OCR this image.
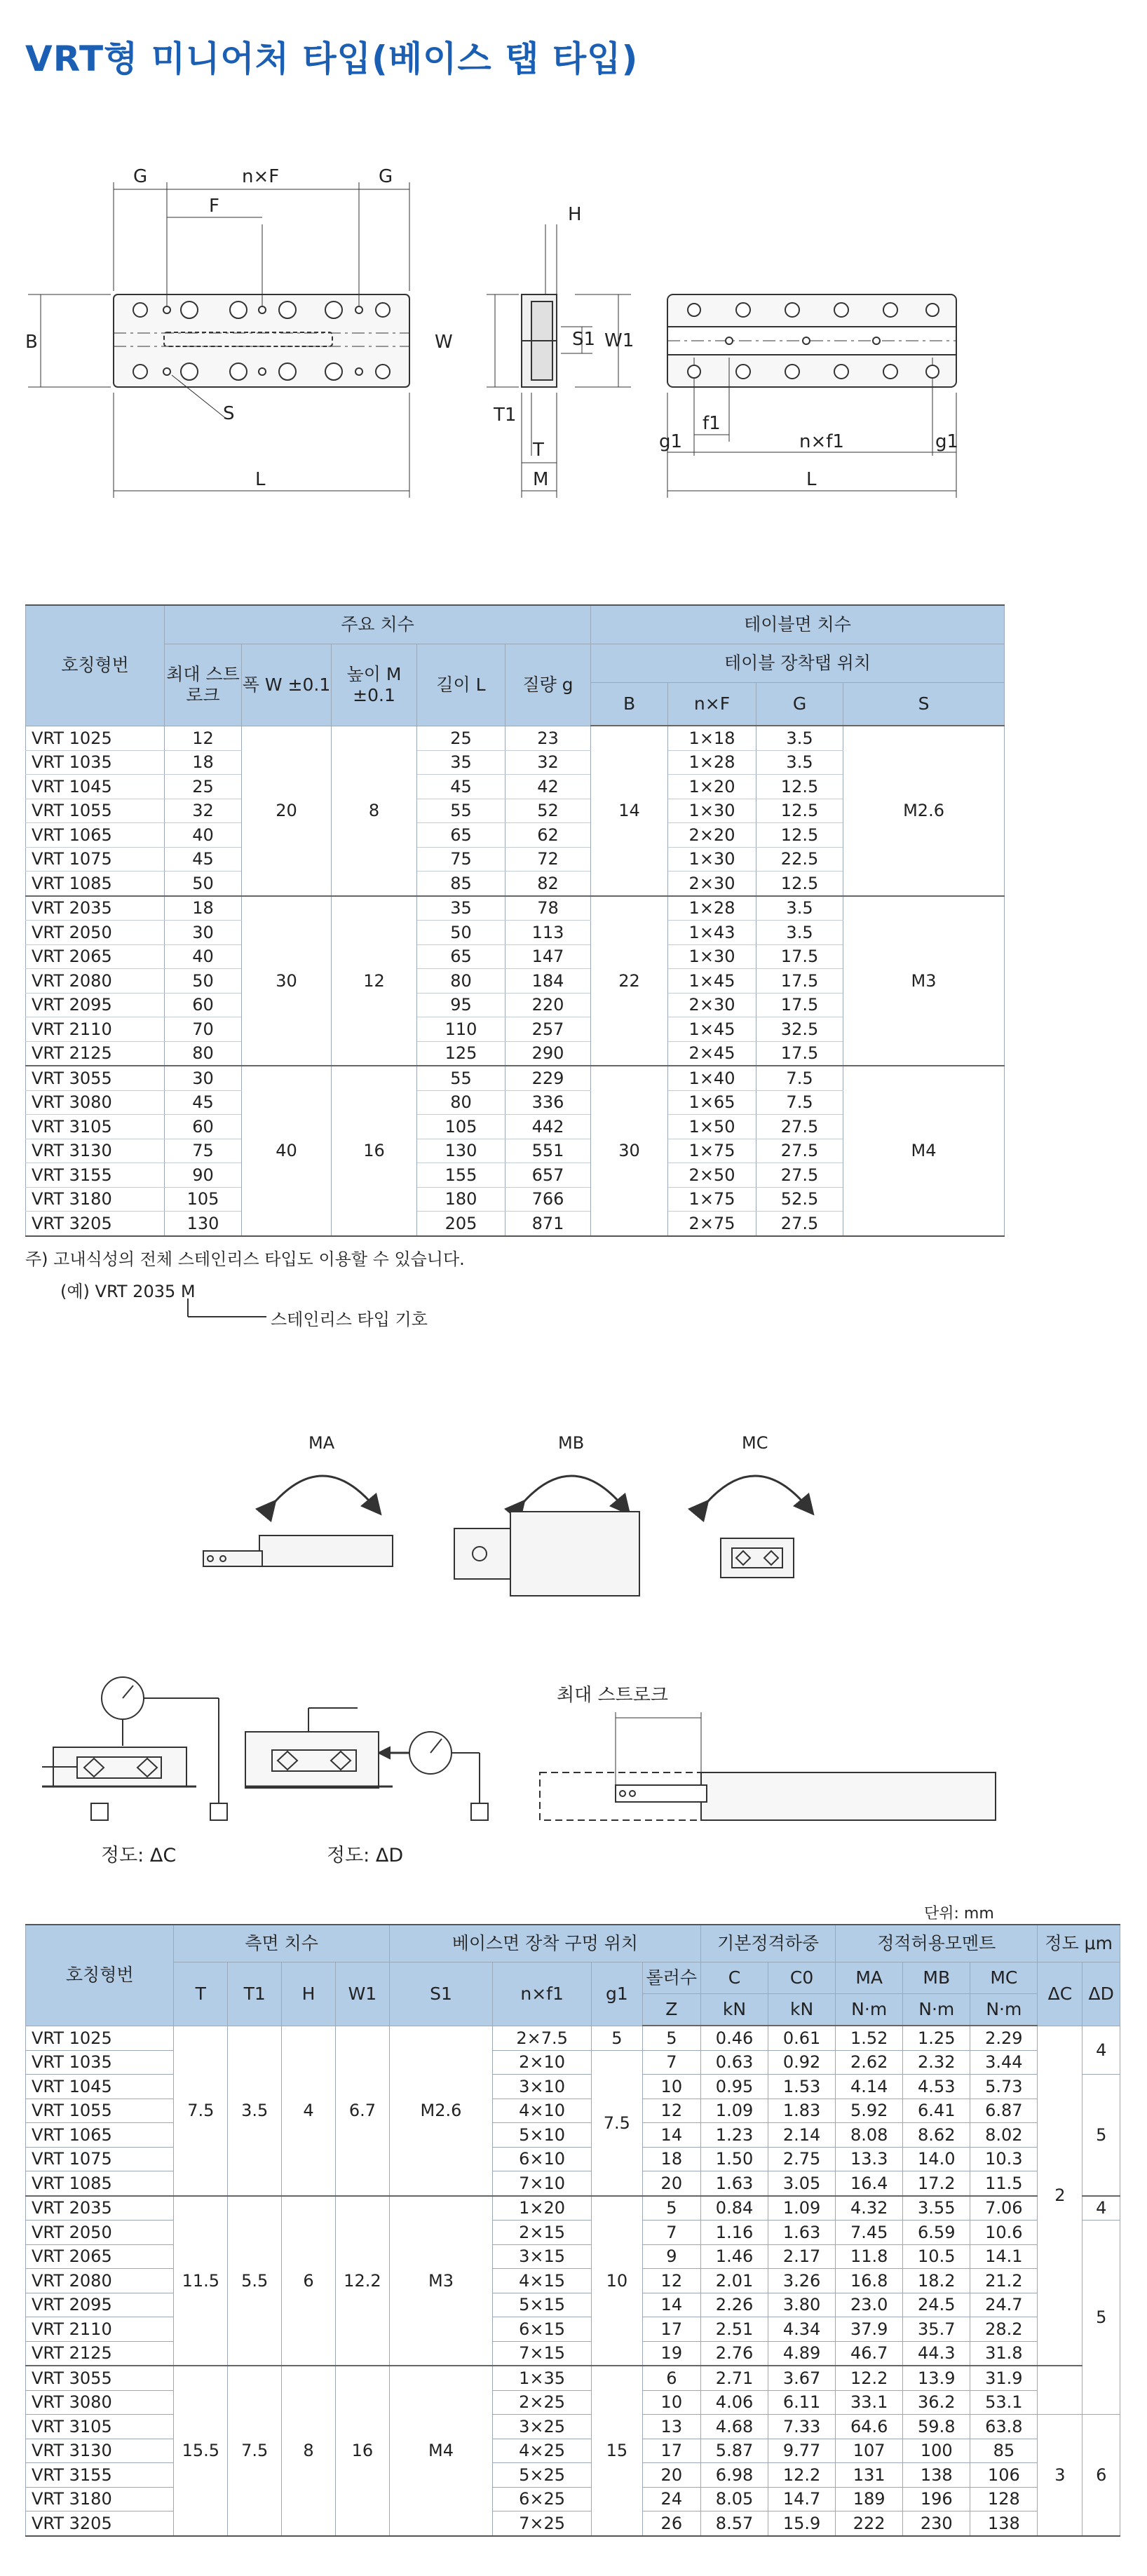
VRT형 미니어처 타입(베이스 탭 타입)
G	n×F	G
F
B
S
L
H
W	S1 W1
T1
T
M
f1
g1	n×f1	g1
L
호칭형번	주요 치수					테이블면 치수			
	최대 스트로크	폭 W ±0.1	높이 M ±0.1	길이 L	질량 g	테이블 장착탭 위치			
						B	n×F	G	S
VRT 1025	12	20	8	25	23	14	1×18	3.5	M2.6
VRT 1035	18			35	32		1×28	3.5	
VRT 1045	25			45	42		1×20	12.5	
VRT 1055	32			55	52		1×30	12.5	
VRT 1065	40			65	62		2×20	12.5	
VRT 1075	45			75	72		1×30	22.5	
VRT 1085	50			85	82		2×30	12.5	
VRT 2035	18	30	12	35	78	22	1×28	3.5	M3
VRT 2050	30			50	113		1×43	3.5	
VRT 2065	40			65	147		1×30	17.5	
VRT 2080	50			80	184		1×45	17.5	
VRT 2095	60			95	220		2×30	17.5	
VRT 2110	70			110	257		1×45	32.5	
VRT 2125	80			125	290		2×45	17.5	
VRT 3055	30	40	16	55	229	30	1×40	7.5	M4
VRT 3080	45			80	336		1×65	7.5	
VRT 3105	60			105	442		1×50	27.5	
VRT 3130	75			130	551		1×75	27.5	
VRT 3155	90			155	657		2×50	27.5	
VRT 3180	105			180	766		1×75	52.5	
VRT 3205	130			205	871		2×75	27.5	
주) 고내식성의 전체 스테인리스 타입도 이용할 수 있습니다.
(예) VRT 2035 M
스테인리스 타입 기호
MA	MB	MC
최대 스트로크
정도: ΔC	정도: ΔD
단위: mm
호칭형번	측면 치수				베이스면 장착 구멍 위치				기본정격하중		정적허용모멘트			정도 μm	
	T	T1	H	W1	S1	n×f1	g1	롤러수	C	C0	MA	MB	MC	ΔC	ΔD
								Z	kN	kN	N·m	N·m	N·m		
VRT 1025	7.5	3.5	4	6.7	M2.6	2×7.5	5	5	0.46	0.61	1.52	1.25	2.29	2	4
VRT 1035						2×10	7.5	7	0.63	0.92	2.62	2.32	3.44		
VRT 1045						3×10		10	0.95	1.53	4.14	4.53	5.73		5
VRT 1055						4×10		12	1.09	1.83	5.92	6.41	6.87		
VRT 1065						5×10		14	1.23	2.14	8.08	8.62	8.02		
VRT 1075						6×10		18	1.50	2.75	13.3	14.0	10.3		
VRT 1085						7×10		20	1.63	3.05	16.4	17.2	11.5		
VRT 2035	11.5	5.5	6	12.2	M3	1×20	10	5	0.84	1.09	4.32	3.55	7.06		4
VRT 2050						2×15		7	1.16	1.63	7.45	6.59	10.6		5
VRT 2065						3×15		9	1.46	2.17	11.8	10.5	14.1		
VRT 2080						4×15		12	2.01	3.26	16.8	18.2	21.2		
VRT 2095						5×15		14	2.26	3.80	23.0	24.5	24.7		
VRT 2110						6×15		17	2.51	4.34	37.9	35.7	28.2		
VRT 2125						7×15		19	2.76	4.89	46.7	44.3	31.8		
VRT 3055	15.5	7.5	8	16	M4	1×35	15	6	2.71	3.67	12.2	13.9	31.9		
VRT 3080						2×25		10	4.06	6.11	33.1	36.2	53.1		
VRT 3105						3×25		13	4.68	7.33	64.6	59.8	63.8	3	6
VRT 3130						4×25		17	5.87	9.77	107	100	85		
VRT 3155						5×25		20	6.98	12.2	131	138	106		
VRT 3180						6×25		24	8.05	14.7	189	196	128		
VRT 3205						7×25		26	8.57	15.9	222	230	138		
